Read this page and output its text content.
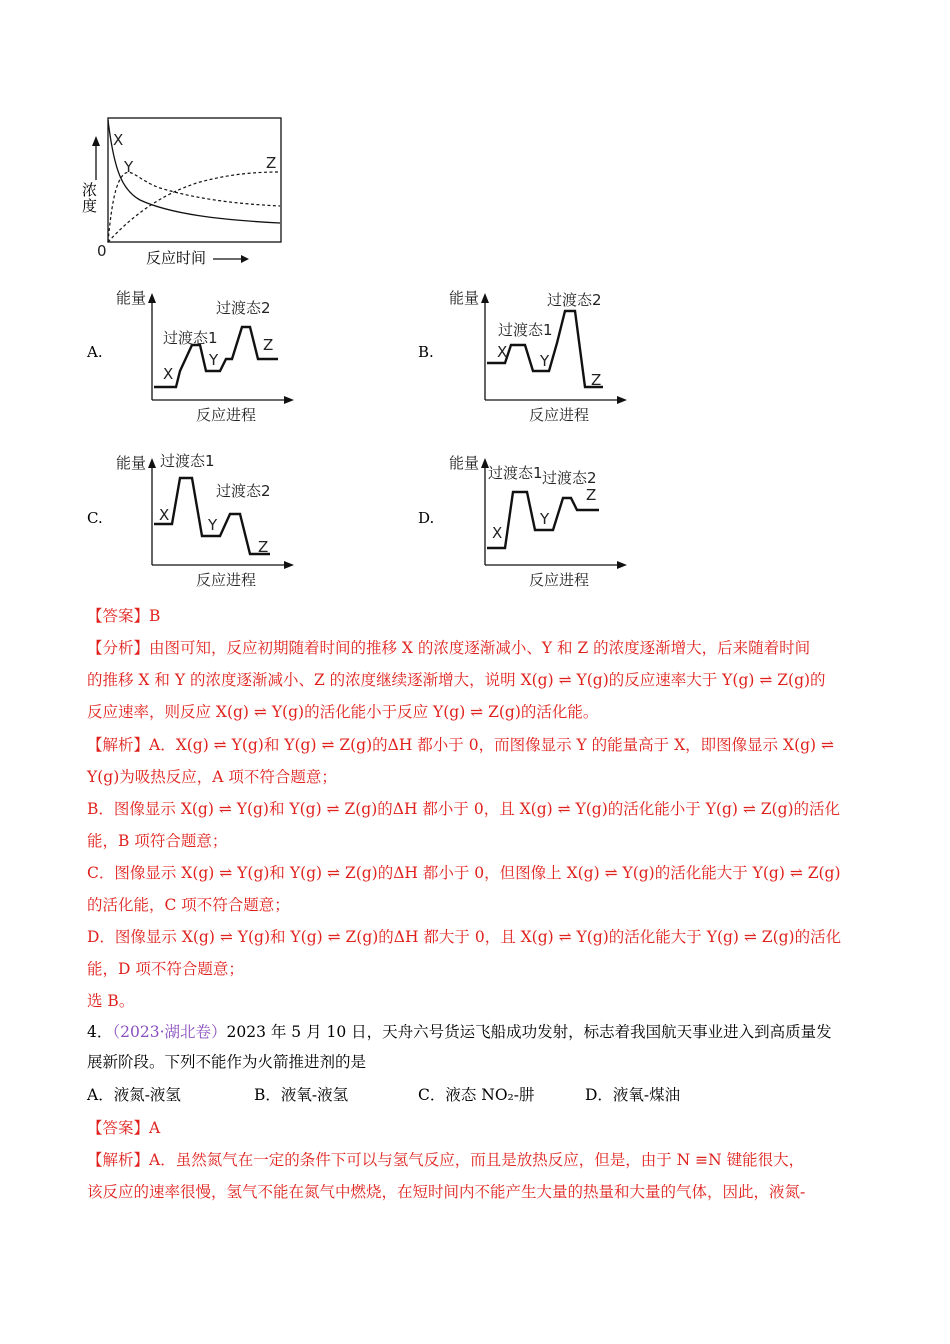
X
Y	Z
0
浓度
反应时间
A.
能量
过渡态1
过渡态2
X
Y
Z
反应进程
B.
能量
过渡态1
过渡态2
X Y
Z
反应进程
C.
能量 过渡态1
过渡态2
X
Y
Z
反应进程
D.
能量
过渡态1 过渡态2
X
Y
Z
反应进程
【答案】B
【分析】由图可知，反应初期随着时间的推移 X 的浓度逐渐减小、Y 和 Z 的浓度逐渐增大，后来随着时间
的推移 X 和 Y 的浓度逐渐减小、Z 的浓度继续逐渐增大，说明 X(g) ⇌ Y(g)的反应速率大于 Y(g) ⇌ Z(g)的
反应速率，则反应 X(g) ⇌ Y(g)的活化能小于反应 Y(g) ⇌ Z(g)的活化能。
【解析】A．X(g) ⇌ Y(g)和 Y(g) ⇌ Z(g)的ΔH 都小于 0，而图像显示 Y 的能量高于 X，即图像显示 X(g) ⇌
Y(g)为吸热反应，A 项不符合题意；
B．图像显示 X(g) ⇌ Y(g)和 Y(g) ⇌ Z(g)的ΔH 都小于 0，且 X(g) ⇌ Y(g)的活化能小于 Y(g) ⇌ Z(g)的活化
能，B 项符合题意；
C．图像显示 X(g) ⇌ Y(g)和 Y(g) ⇌ Z(g)的ΔH 都小于 0，但图像上 X(g) ⇌ Y(g)的活化能大于 Y(g) ⇌ Z(g)
的活化能，C 项不符合题意；
D．图像显示 X(g) ⇌ Y(g)和 Y(g) ⇌ Z(g)的ΔH 都大于 0，且 X(g) ⇌ Y(g)的活化能大于 Y(g) ⇌ Z(g)的活化
能，D 项不符合题意；
选 B。
4．（2023·湖北卷）2023 年 5 月 10 日，天舟六号货运飞船成功发射，标志着我国航天事业进入到高质量发
展新阶段。下列不能作为火箭推进剂的是
A．液氮-液氢	B．液氧-液氢	C．液态 NO₂-肼	D．液氧-煤油
【答案】A
【解析】A．虽然氮气在一定的条件下可以与氢气反应，而且是放热反应，但是，由于 N ≡N 键能很大，
该反应的速率很慢，氢气不能在氮气中燃烧，在短时间内不能产生大量的热量和大量的气体，因此，液氮-
